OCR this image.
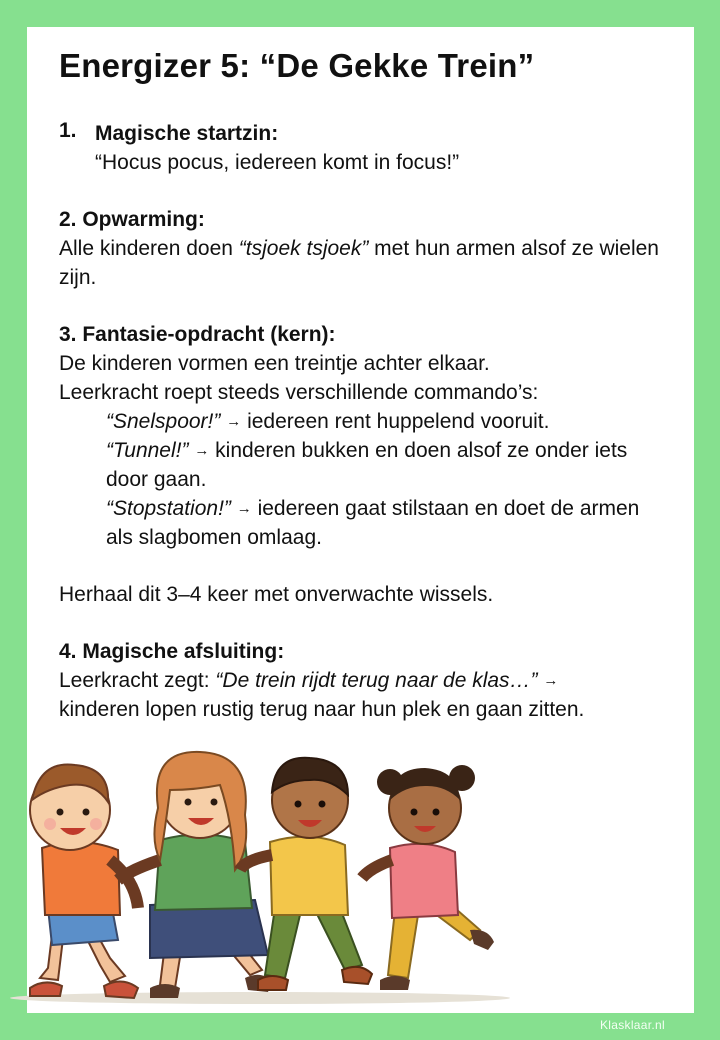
Energizer 5: “De Gekke Trein”
1. Magische startzin:
“Hocus pocus, iedereen komt in focus!”
2. Opwarming:
Alle kinderen doen “tsjoek tsjoek” met hun armen alsof ze wielen zijn.
3. Fantasie-opdracht (kern):
De kinderen vormen een treintje achter elkaar.
Leerkracht roept steeds verschillende commando’s:
“Snelspoor!” → iedereen rent huppelend vooruit.
“Tunnel!” → kinderen bukken en doen alsof ze onder iets door gaan.
“Stopstation!” → iedereen gaat stilstaan en doet de armen als slagbomen omlaag.
Herhaal dit 3–4 keer met onverwachte wissels.
4. Magische afsluiting:
Leerkracht zegt: “De trein rijdt terug naar de klas…” →
kinderen lopen rustig terug naar hun plek en gaan zitten.
Klasklaar.nl
